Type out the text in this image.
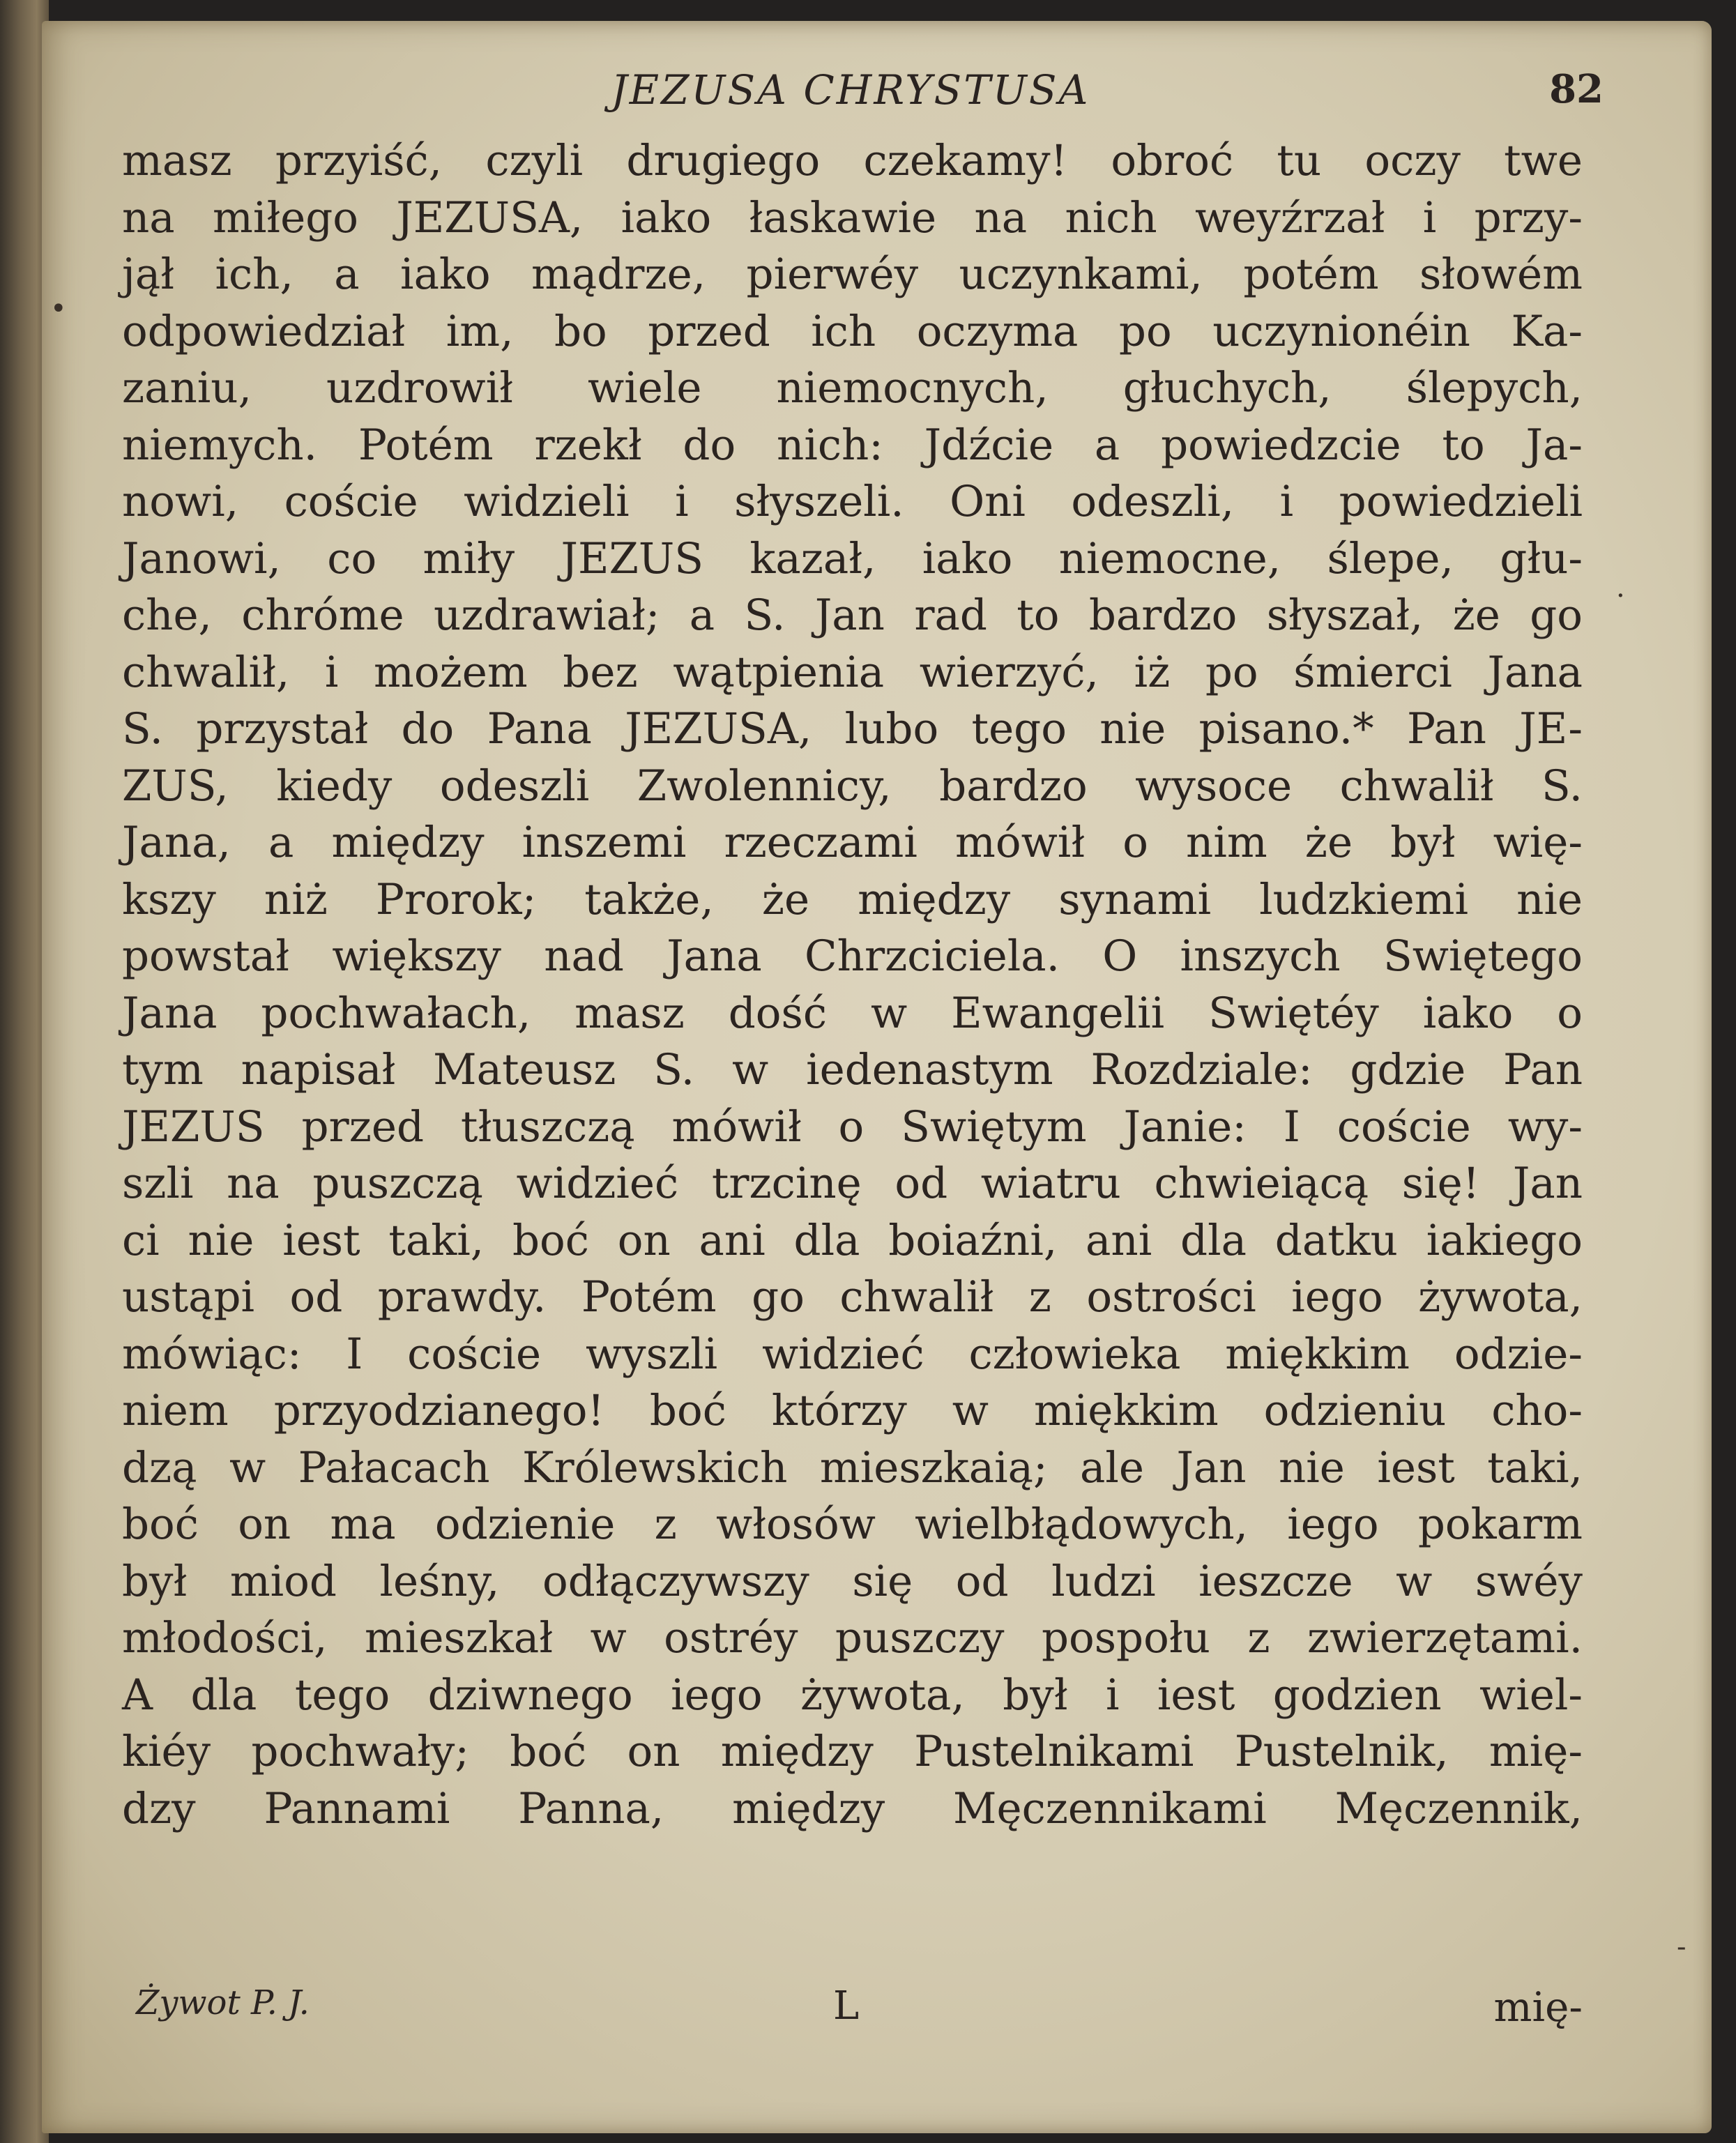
•
·
-
JEZUSA CHRYSTUSA	82
masz przyiść, czyli drugiego czekamy! obroć tu oczy twe
na miłego JEZUSA, iako łaskawie na nich weyźrzał i przy-
jął ich, a iako mądrze, pierwéy uczynkami, potém słowém
odpowiedział im, bo przed ich oczyma po uczynionéin Ka-
zaniu, uzdrowił wiele niemocnych, głuchych, ślepych,
niemych. Potém rzekł do nich: Jdźcie a powiedzcie to Ja-
nowi, coście widzieli i słyszeli. Oni odeszli, i powiedzieli
Janowi, co miły JEZUS kazał, iako niemocne, ślepe, głu-
che, chróme uzdrawiał; a S. Jan rad to bardzo słyszał, że go
chwalił, i możem bez wątpienia wierzyć, iż po śmierci Jana
S. przystał do Pana JEZUSA, lubo tego nie pisano.* Pan JE-
ZUS, kiedy odeszli Zwolennicy, bardzo wysoce chwalił S.
Jana, a między inszemi rzeczami mówił o nim że był wię-
kszy niż Prorok; także, że między synami ludzkiemi nie
powstał większy nad Jana Chrzciciela. O inszych Swiętego
Jana pochwałach, masz dość w Ewangelii Swiętéy iako o
tym napisał Mateusz S. w iedenastym Rozdziale: gdzie Pan
JEZUS przed tłuszczą mówił o Swiętym Janie: I coście wy-
szli na puszczą widzieć trzcinę od wiatru chwieiącą się! Jan
ci nie iest taki, boć on ani dla boiaźni, ani dla datku iakiego
ustąpi od prawdy. Potém go chwalił z ostrości iego żywota,
mówiąc: I coście wyszli widzieć człowieka miękkim odzie-
niem przyodzianego! boć którzy w miękkim odzieniu cho-
dzą w Pałacach Królewskich mieszkaią; ale Jan nie iest taki,
boć on ma odzienie z włosów wielbłądowych, iego pokarm
był miod leśny, odłączywszy się od ludzi ieszcze w swéy
młodości, mieszkał w ostréy puszczy pospołu z zwierzętami.
A dla tego dziwnego iego żywota, był i iest godzien wiel-
kiéy pochwały; boć on między Pustelnikami Pustelnik, mię-
dzy Pannami Panna, między Męczennikami Męczennik,
Żywot P. J.	L	mię-
